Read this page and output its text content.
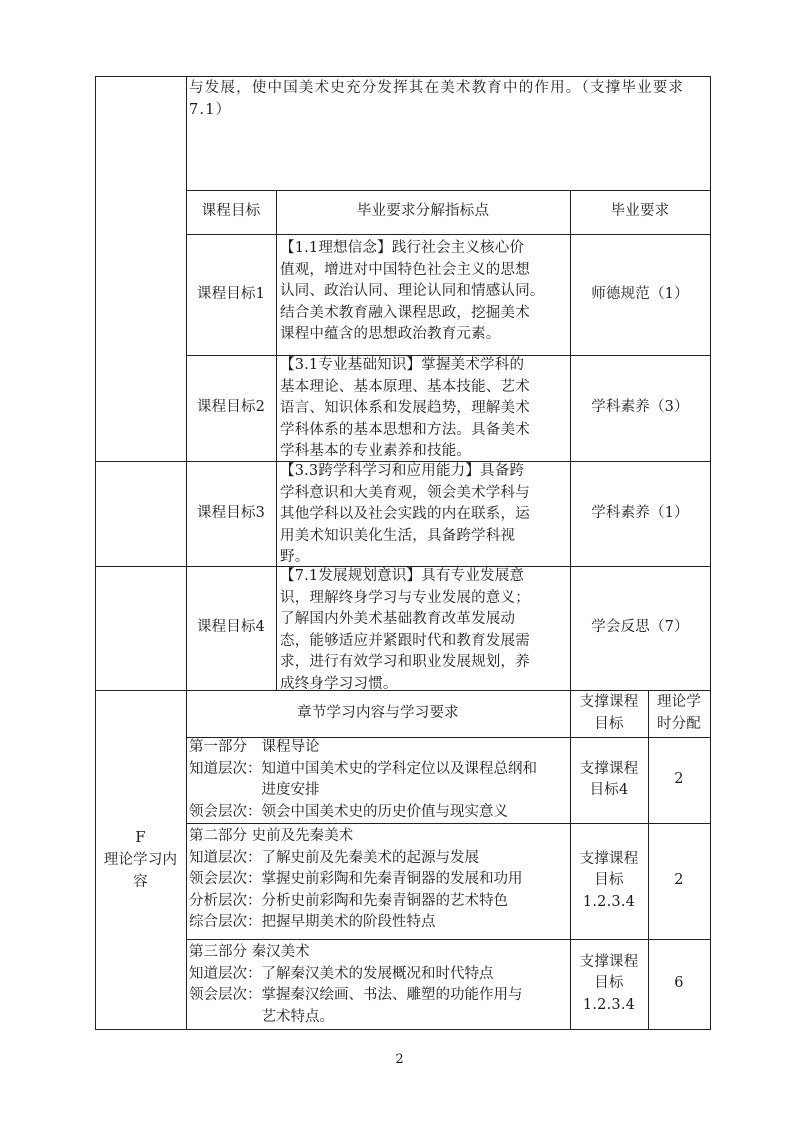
与发展，使中国美术史充分发挥其在美术教育中的作用。（支撑毕业要求
7.1）
课程目标	毕业要求分解指标点	毕业要求
课程目标1
【1.1理想信念】践行社会主义核心价
值观，增进对中国特色社会主义的思想
认同、政治认同、理论认同和情感认同。
结合美术教育融入课程思政，挖掘美术
课程中蕴含的思想政治教育元素。
师德规范（1）
课程目标2
【3.1专业基础知识】掌握美术学科的
基本理论、基本原理、基本技能、艺术
语言、知识体系和发展趋势，理解美术
学科体系的基本思想和方法。具备美术
学科基本的专业素养和技能。
学科素养（3）
课程目标3
【3.3跨学科学习和应用能力】具备跨
学科意识和大美育观，领会美术学科与
其他学科以及社会实践的内在联系，运
用美术知识美化生活，具备跨学科视
野。
学科素养（1）
课程目标4
【7.1发展规划意识】具有专业发展意
识，理解终身学习与专业发展的意义；
了解国内外美术基础教育改革发展动
态，能够适应并紧跟时代和教育发展需
求，进行有效学习和职业发展规划，养
成终身学习习惯。
学会反思（7）
F
理论学习内
容
章节学习内容与学习要求
支撑课程
目标
理论学
时分配
第一部分　课程导论
知道层次：知道中国美术史的学科定位以及课程总纲和
　　　　　进度安排
领会层次：领会中国美术史的历史价值与现实意义
支撑课程
目标4
2
第二部分 史前及先秦美术
知道层次：了解史前及先秦美术的起源与发展
领会层次：掌握史前彩陶和先秦青铜器的发展和功用
分析层次：分析史前彩陶和先秦青铜器的艺术特色
综合层次：把握早期美术的阶段性特点
支撑课程
目标
1.2.3.4
2
第三部分 秦汉美术
知道层次：了解秦汉美术的发展概况和时代特点
领会层次：掌握秦汉绘画、书法、雕塑的功能作用与
　　　　　艺术特点。
支撑课程
目标
1.2.3.4
6
2
